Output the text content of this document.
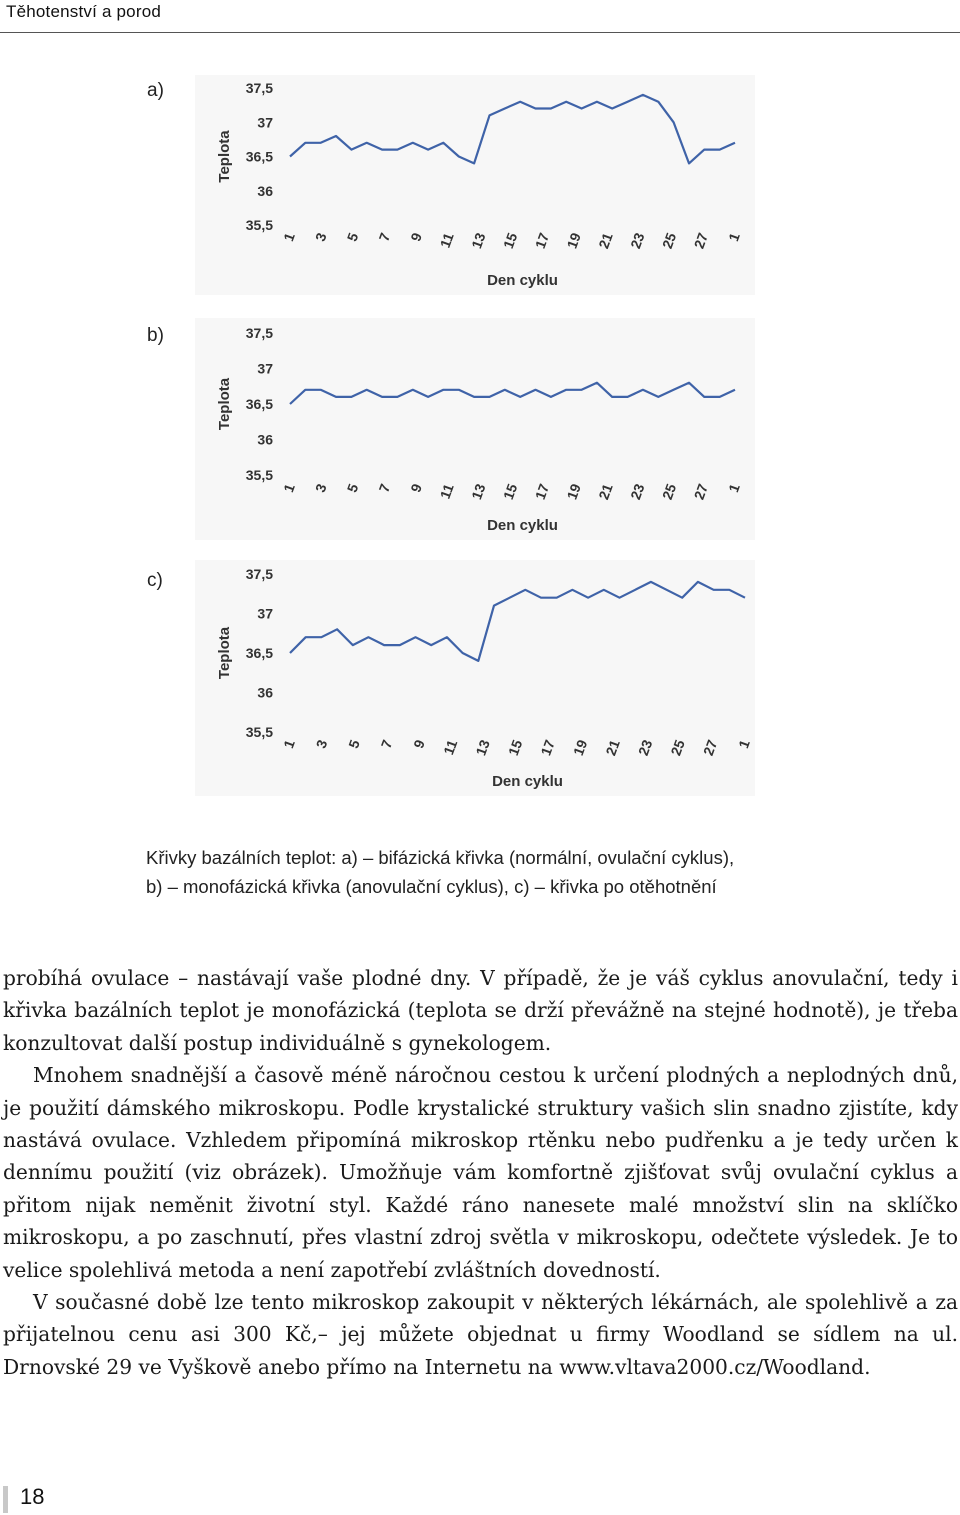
Těhotenství a porod
a)	37,5
37
36,5
36
35,5
Teplota
1 3 5 7 9 11 13 15 17 19 21 23 25 27 1
Den cyklu
b)	37,5
37
36,5
36
35,5
Teplota
1 3 5 7 9 11 13 15 17 19 21 23 25 27 1
Den cyklu
c)	37,5
37
36,5
36
35,5
Teplota
1 3 5 7 9 11 13 15 17 19 21 23 25 27 1
Den cyklu
Křivky bazálních teplot: a) – bifázická křivka (normální, ovulační cyklus),
b) – monofázická křivka (anovulační cyklus), c) – křivka po otěhotnění

probíhá ovulace – nastávají vaše plodné dny. V případě, že je váš cyklus anovulační, tedy i křivka bazálních teplot je monofázická (teplota se drží převážně na stejné hodnotě), je třeba konzultovat další postup individuálně s gynekologem.

Mnohem snadnější a časově méně náročnou cestou k určení plodných a neplodných dnů, je použití dámského mikroskopu. Podle krystalické struktury vašich slin snadno zjistíte, kdy nastává ovulace. Vzhledem připomíná mikroskop rtěnku nebo pudřenku a je tedy určen k dennímu použití (viz obrázek). Umožňuje vám komfortně zjišťovat svůj ovulační cyklus a přitom nijak neměnit životní styl. Každé ráno nanesete malé množství slin na sklíčko mikroskopu, a po zaschnutí, přes vlastní zdroj světla v mikroskopu, odečtete výsledek. Je to velice spolehlivá metoda a není zapotřebí zvláštních dovedností.

V současné době lze tento mikroskop zakoupit v některých lékárnách, ale spolehlivě a za přijatelnou cenu asi 300 Kč,– jej můžete objednat u firmy Woodland se sídlem na ul. Drnovské 29 ve Vyškově anebo přímo na Internetu na www.vltava2000.cz/Woodland.

18
